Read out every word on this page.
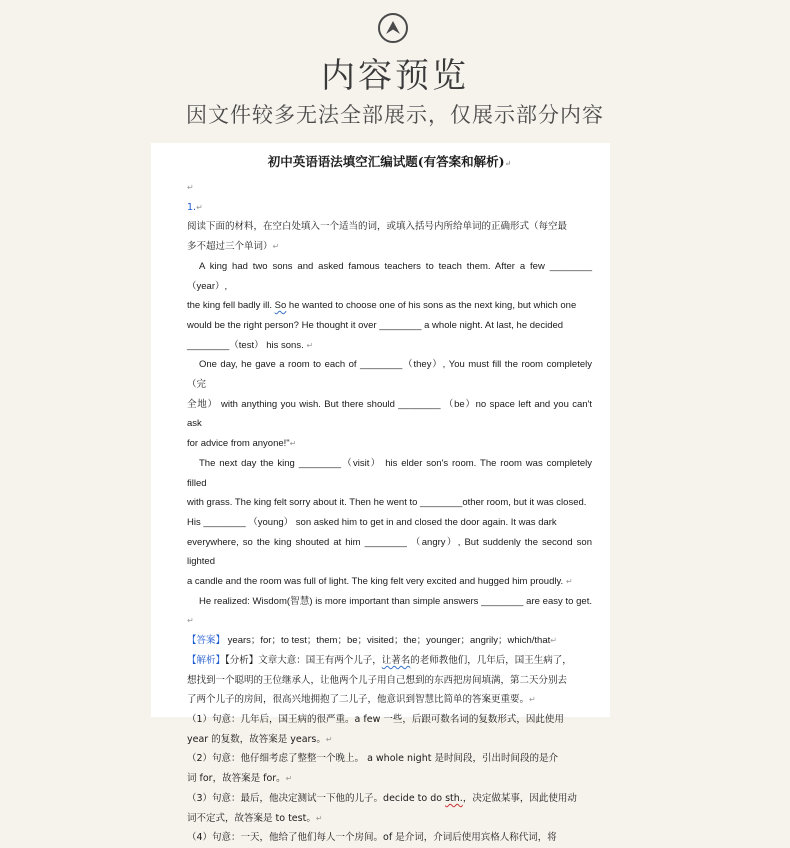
内容预览
因文件较多无法全部展示，仅展示部分内容
初中英语语法填空汇编试题(有答案和解析)↵

↵

1.↵

阅读下面的材料，在空白处填入一个适当的词，或填入括号内所给单词的正确形式（每空最

多不超过三个单词）↵

A king had two sons and asked famous teachers to teach them. After a few ________（year）,

the king fell badly ill. So he wanted to choose one of his sons as the next king, but which one

would be the right person? He thought it over ________ a whole night. At last, he decided

________（test） his sons. ↵

One day, he gave a room to each of ________（they）, You must fill the room completely（完

全地） with anything you wish. But there should ________ （be）no space left and you can't ask

for advice from anyone!"↵

The next day the king ________（visit） his elder son's room. The room was completely filled

with grass. The king felt sorry about it. Then he went to ________other room, but it was closed.

His ________ （young） son asked him to get in and closed the door again. It was dark

everywhere, so the king shouted at him ________ （angry）, But suddenly the second son lighted

a candle and the room was full of light. The king felt very excited and hugged him proudly. ↵

He realized: Wisdom(智慧) is more important than simple answers ________ are easy to get. ↵

【答案】 years；for；to test；them；be；visited；the；younger；angrily；which/that↵

【解析】【分析】文章大意：国王有两个儿子，让著名的老师教他们，几年后，国王生病了，

想找到一个聪明的王位继承人，让他两个儿子用自己想到的东西把房间填满，第二天分别去

了两个儿子的房间，很高兴地拥抱了二儿子，他意识到智慧比简单的答案更重要。↵

（1）句意：几年后，国王病的很严重。a few 一些，后跟可数名词的复数形式，因此使用

year 的复数，故答案是 years。↵

（2）句意：他仔细考虑了整整一个晚上。 a whole night 是时间段，引出时间段的是介

词 for，故答案是 for。↵

（3）句意：最后，他决定测试一下他的儿子。decide to do sth.，决定做某事，因此使用动

词不定式，故答案是 to test。↵

（4）句意：一天，他给了他们每人一个房间。of 是介词，介词后使用宾格人称代词，将
